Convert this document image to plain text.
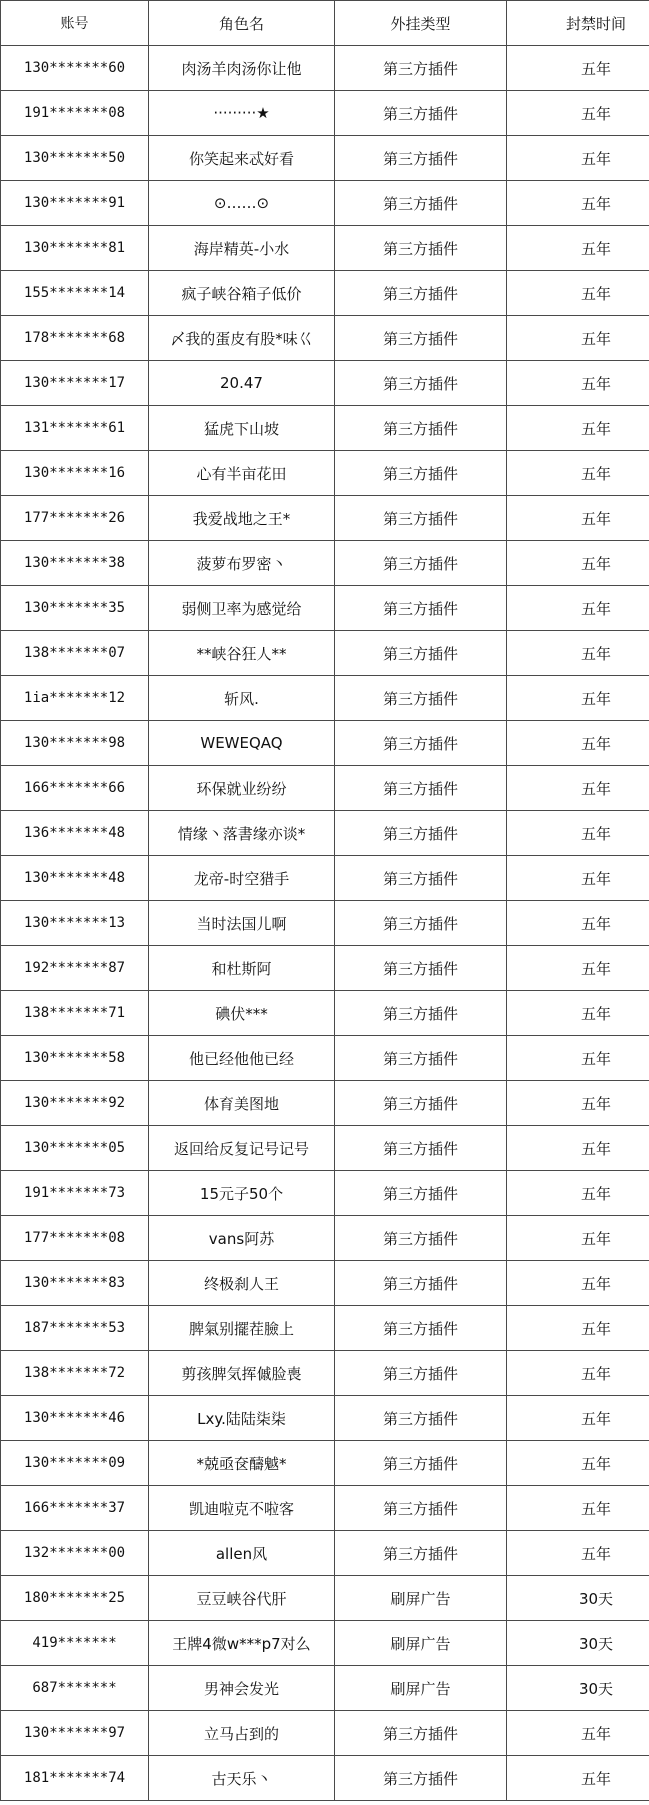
账号	角色名	外挂类型	封禁时间
130*******60	肉汤羊肉汤你让他	第三方插件	五年
191*******08	·········★	第三方插件	五年
130*******50	你笑起来忒好看	第三方插件	五年
130*******91	⊙……⊙	第三方插件	五年
130*******81	海岸精英-小水	第三方插件	五年
155*******14	疯子峡谷箱子低价	第三方插件	五年
178*******68	〆我的蛋皮有股*味巜	第三方插件	五年
130*******17	20.47	第三方插件	五年
131*******61	猛虎下山坡	第三方插件	五年
130*******16	心有半亩花田	第三方插件	五年
177*******26	我爱战地之王*	第三方插件	五年
130*******38	菠萝布罗密丶	第三方插件	五年
130*******35	弱侧卫率为感觉给	第三方插件	五年
138*******07	**峡谷狂人**	第三方插件	五年
1ia*******12	斩风.	第三方插件	五年
130*******98	WEWEQAQ	第三方插件	五年
166*******66	环保就业纷纷	第三方插件	五年
136*******48	情缘丶落書缘亦谈*	第三方插件	五年
130*******48	龙帝-时空猎手	第三方插件	五年
130*******13	当时法国儿啊	第三方插件	五年
192*******87	和杜斯阿	第三方插件	五年
138*******71	碘伏***	第三方插件	五年
130*******58	他已经他他已经	第三方插件	五年
130*******92	体育美图地	第三方插件	五年
130*******05	返回给反复记号记号	第三方插件	五年
191*******73	15元子50个	第三方插件	五年
177*******08	vans阿苏	第三方插件	五年
130*******83	终极刹人王	第三方插件	五年
187*******53	脾氣别擺茬臉上	第三方插件	五年
138*******72	剪孩脾気挥傶脸喪	第三方插件	五年
130*******46	Lxy.陆陆柒柒	第三方插件	五年
130*******09	*兢亟奁醻魆*	第三方插件	五年
166*******37	凯迪啦克不啦客	第三方插件	五年
132*******00	allen风	第三方插件	五年
180*******25	豆豆峡谷代肝	刷屏广告	30天
419*******	王牌4微w***p7对么	刷屏广告	30天
687*******	男神会发光	刷屏广告	30天
130*******97	立马占到的	第三方插件	五年
181*******74	古天乐丶	第三方插件	五年
